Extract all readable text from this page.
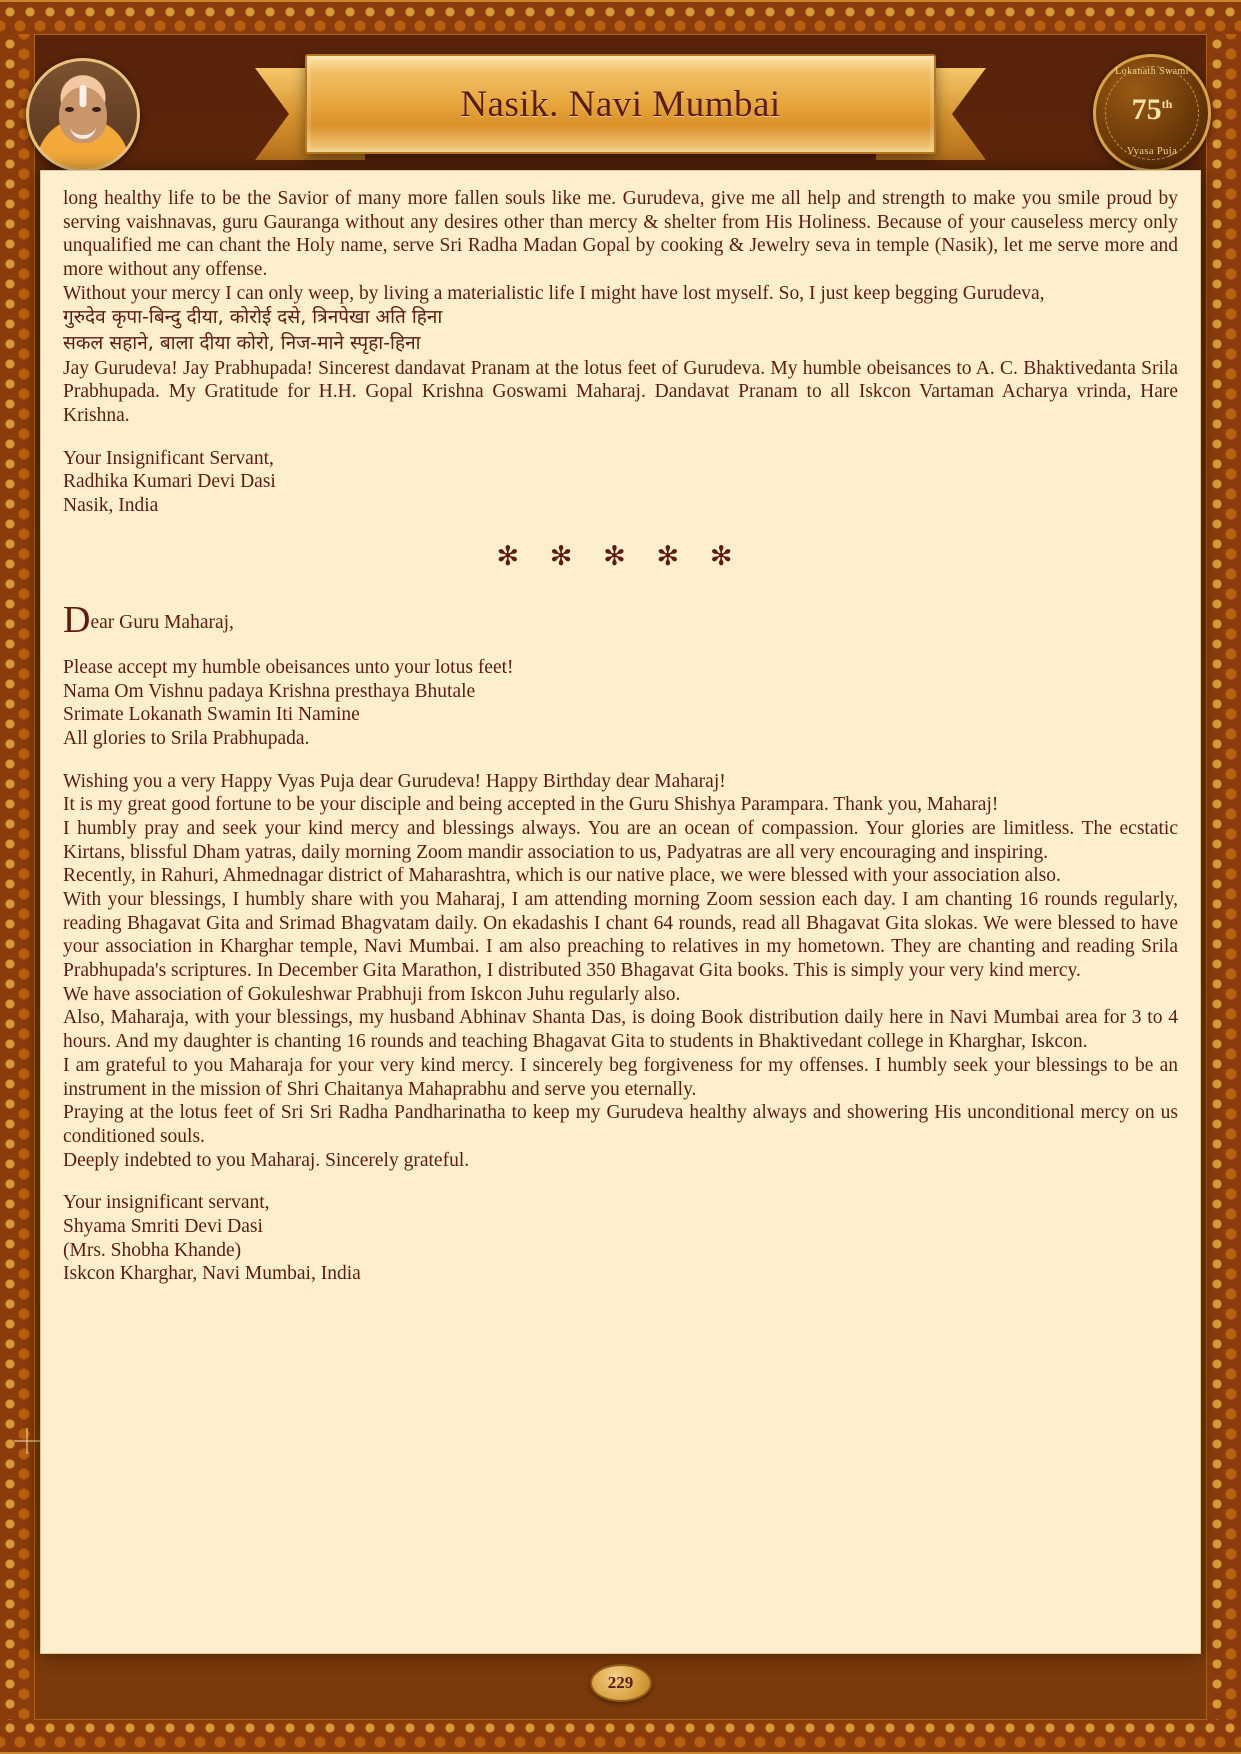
Nasik. Navi Mumbai
Lokanath Swami
75th
Vyasa Puja

long healthy life to be the Savior of many more fallen souls like me. Gurudeva, give me all help and strength to make you smile proud by serving vaishnavas, guru Gauranga without any desires other than mercy & shelter from His Holiness. Because of your causeless mercy only unqualified me can chant the Holy name, serve Sri Radha Madan Gopal by cooking & Jewelry seva in temple (Nasik), let me serve more and more without any offense.

Without your mercy I can only weep, by living a materialistic life I might have lost myself. So, I just keep begging Gurudeva,

गुरुदेव कृपा-बिन्दु दीया, कोरोई दसे, त्रिनपेखा अति हिना

सकल सहाने, बाला दीया कोरो, निज-माने स्पृहा-हिना

Jay Gurudeva! Jay Prabhupada! Sincerest dandavat Pranam at the lotus feet of Gurudeva. My humble obeisances to A. C. Bhaktivedanta Srila Prabhupada. My Gratitude for H.H. Gopal Krishna Goswami Maharaj. Dandavat Pranam to all Iskcon Vartaman Acharya vrinda, Hare Krishna.

Your Insignificant Servant,

Radhika Kumari Devi Dasi

Nasik, India

✻ ✻ ✻ ✻ ✻

Dear Guru Maharaj,

Please accept my humble obeisances unto your lotus feet!

Nama Om Vishnu padaya Krishna presthaya Bhutale

Srimate Lokanath Swamin Iti Namine

All glories to Srila Prabhupada.

Wishing you a very Happy Vyas Puja dear Gurudeva! Happy Birthday dear Maharaj!

It is my great good fortune to be your disciple and being accepted in the Guru Shishya Parampara. Thank you, Maharaj!

I humbly pray and seek your kind mercy and blessings always. You are an ocean of compassion. Your glories are limitless. The ecstatic Kirtans, blissful Dham yatras, daily morning Zoom mandir association to us, Padyatras are all very encouraging and inspiring.

Recently, in Rahuri, Ahmednagar district of Maharashtra, which is our native place, we were blessed with your association also.

With your blessings, I humbly share with you Maharaj, I am attending morning Zoom session each day. I am chanting 16 rounds regularly, reading Bhagavat Gita and Srimad Bhagvatam daily. On ekadashis I chant 64 rounds, read all Bhagavat Gita slokas. We were blessed to have your association in Kharghar temple, Navi Mumbai. I am also preaching to relatives in my hometown. They are chanting and reading Srila Prabhupada's scriptures. In December Gita Marathon, I distributed 350 Bhagavat Gita books. This is simply your very kind mercy.

We have association of Gokuleshwar Prabhuji from Iskcon Juhu regularly also.

Also, Maharaja, with your blessings, my husband Abhinav Shanta Das, is doing Book distribution daily here in Navi Mumbai area for 3 to 4 hours. And my daughter is chanting 16 rounds and teaching Bhagavat Gita to students in Bhaktivedant college in Kharghar, Iskcon.

I am grateful to you Maharaja for your very kind mercy. I sincerely beg forgiveness for my offenses. I humbly seek your blessings to be an instrument in the mission of Shri Chaitanya Mahaprabhu and serve you eternally.

Praying at the lotus feet of Sri Sri Radha Pandharinatha to keep my Gurudeva healthy always and showering His unconditional mercy on us conditioned souls.

Deeply indebted to you Maharaj. Sincerely grateful.

Your insignificant servant,

Shyama Smriti Devi Dasi

(Mrs. Shobha Khande)

Iskcon Kharghar, Navi Mumbai, India

229
